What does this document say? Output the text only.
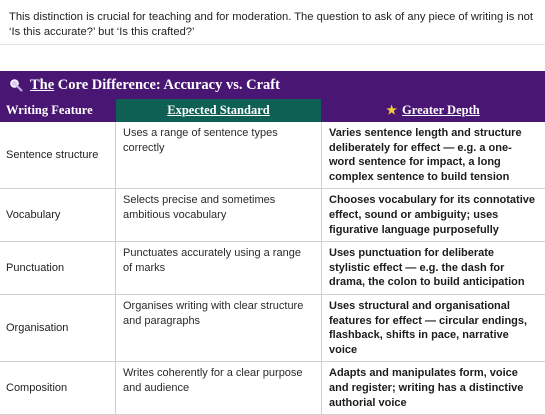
This distinction is crucial for teaching and for moderation. The question to ask of any piece of writing is not ‘Is this accurate?’ but ‘Is this crafted?’
The Core Difference: Accuracy vs. Craft
Writing Feature	Expected Standard	★ Greater Depth
Sentence structure	Uses a range of sentence types correctly	Varies sentence length and structure deliberately for effect — e.g. a one-word sentence for impact, a long complex sentence to build tension
Vocabulary	Selects precise and sometimes ambitious vocabulary	Chooses vocabulary for its connotative effect, sound or ambiguity; uses figurative language purposefully
Punctuation	Punctuates accurately using a range of marks	Uses punctuation for deliberate stylistic effect — e.g. the dash for drama, the colon to build anticipation
Organisation	Organises writing with clear structure and paragraphs	Uses structural and organisational features for effect — circular endings, flashback, shifts in pace, narrative voice
Composition	Writes coherently for a clear purpose and audience	Adapts and manipulates form, voice and register; writing has a distinctive authorial voice
